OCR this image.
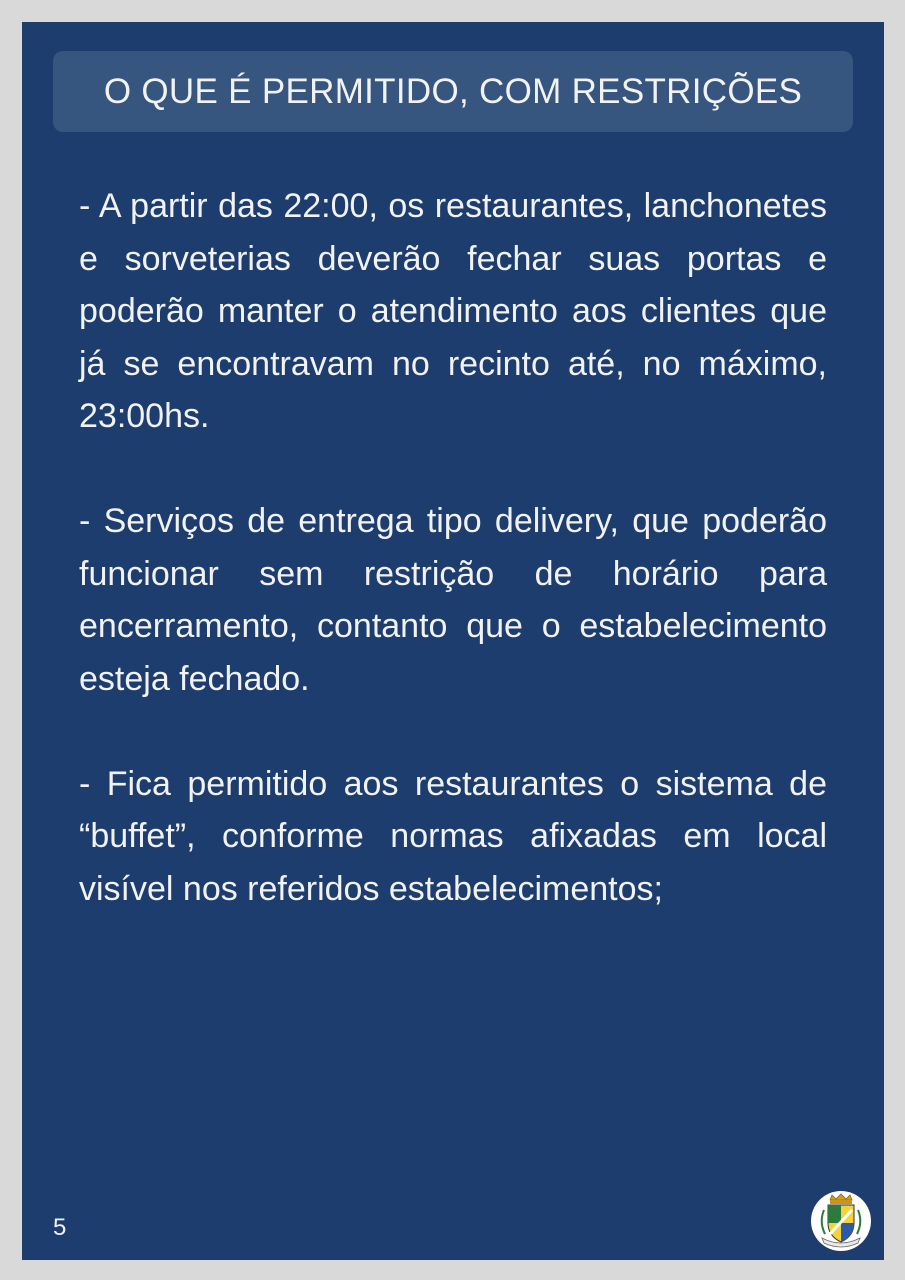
O QUE É PERMITIDO, COM RESTRIÇÕES

- A partir das 22:00, os restaurantes, lanchonetes e sorveterias deverão fechar suas portas e poderão manter o atendimento aos clientes que já se encontravam no recinto até, no máximo, 23:00hs.

- Serviços de entrega tipo delivery, que poderão funcionar sem restrição de horário para encerramento, contanto que o estabelecimento esteja fechado.

- Fica permitido aos restaurantes o sistema de “buffet”, conforme normas afixadas em local visível nos referidos estabelecimentos;

5
